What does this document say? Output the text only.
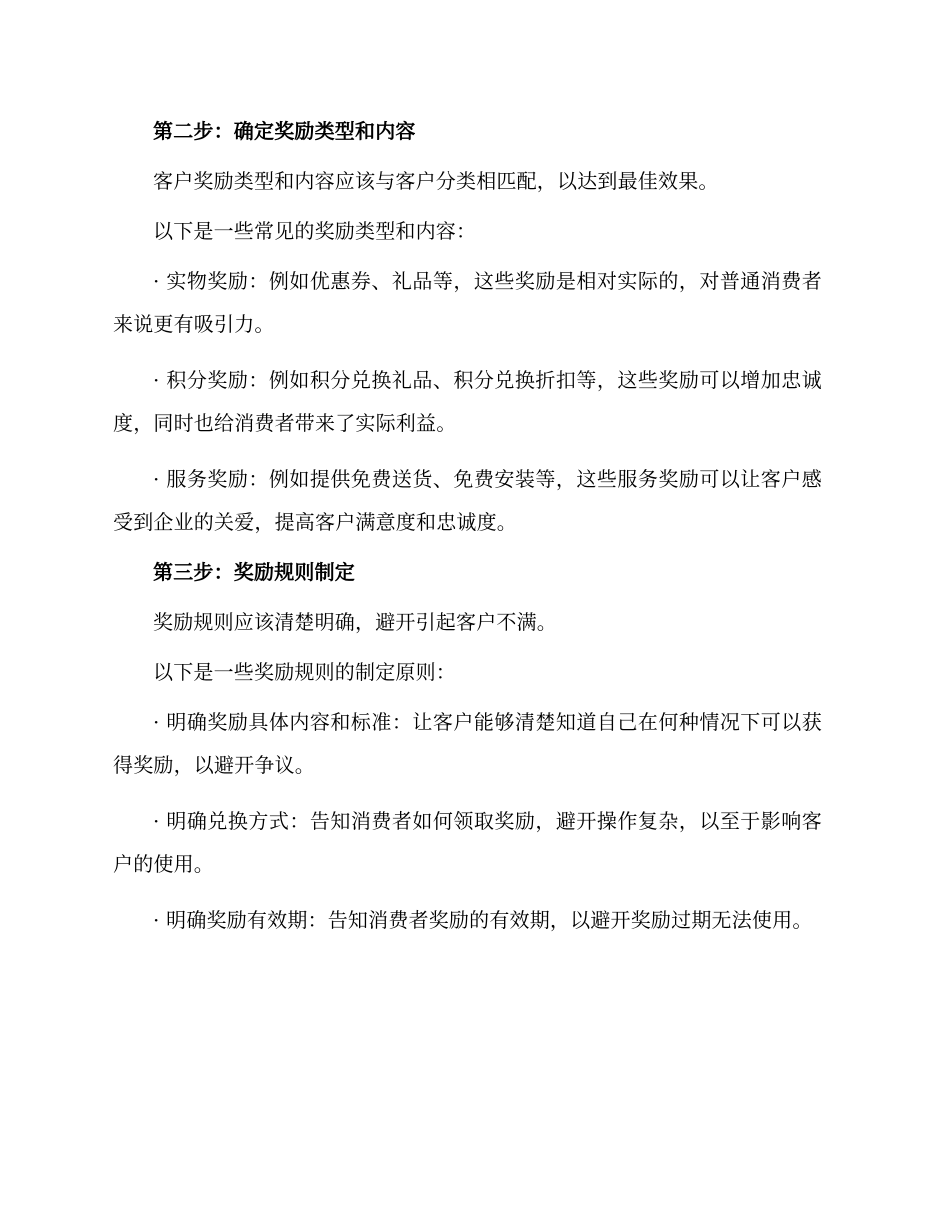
第二步：确定奖励类型和内容

客户奖励类型和内容应该与客户分类相匹配，以达到最佳效果。

以下是一些常见的奖励类型和内容：

· 实物奖励：例如优惠券、礼品等，这些奖励是相对实际的，对普通消费者来说更有吸引力。

· 积分奖励：例如积分兑换礼品、积分兑换折扣等，这些奖励可以增加忠诚度，同时也给消费者带来了实际利益。

· 服务奖励：例如提供免费送货、免费安装等，这些服务奖励可以让客户感受到企业的关爱，提高客户满意度和忠诚度。

第三步：奖励规则制定

奖励规则应该清楚明确，避开引起客户不满。

以下是一些奖励规则的制定原则：

· 明确奖励具体内容和标准：让客户能够清楚知道自己在何种情况下可以获得奖励，以避开争议。

· 明确兑换方式：告知消费者如何领取奖励，避开操作复杂，以至于影响客户的使用。

· 明确奖励有效期：告知消费者奖励的有效期，以避开奖励过期无法使用。
